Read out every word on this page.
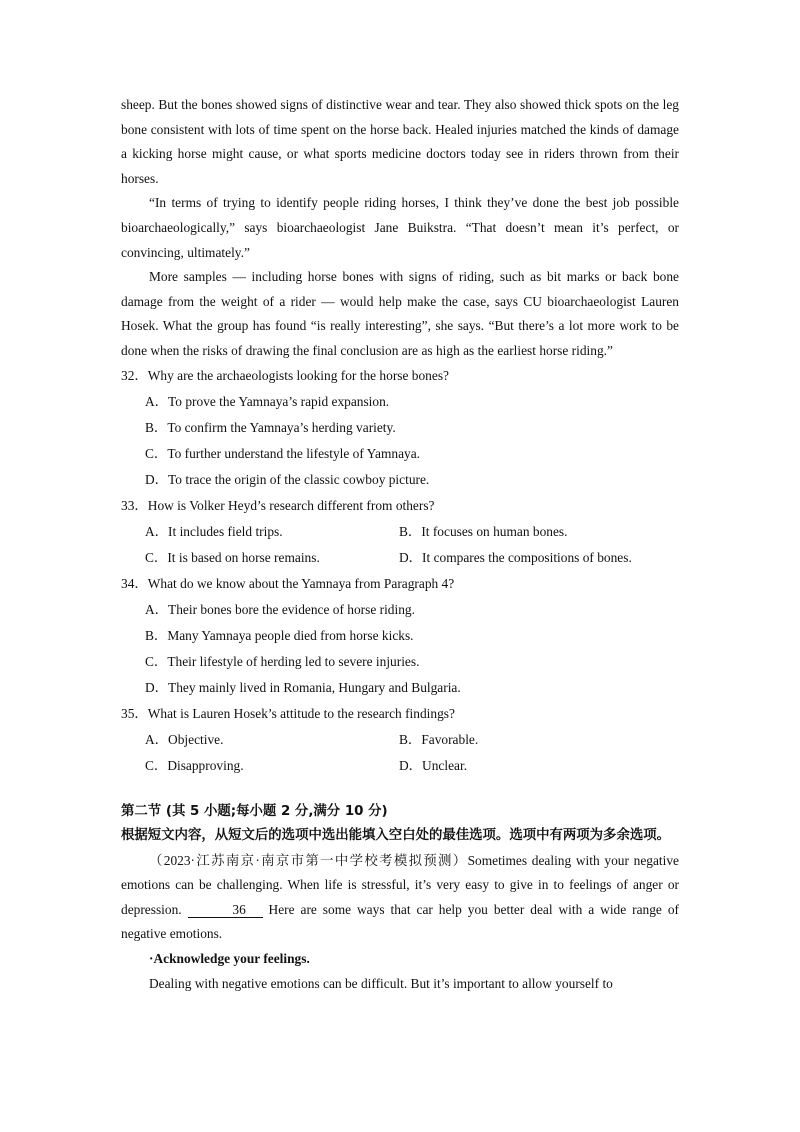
sheep. But the bones showed signs of distinctive wear and tear. They also showed thick spots on the leg bone consistent with lots of time spent on the horse back. Healed injuries matched the kinds of damage a kicking horse might cause, or what sports medicine doctors today see in riders thrown from their horses.

“In terms of trying to identify people riding horses, I think they’ve done the best job possible bioarchaeologically,” says bioarchaeologist Jane Buikstra. “That doesn’t mean it’s perfect, or convincing, ultimately.”

More samples — including horse bones with signs of riding, such as bit marks or back bone damage from the weight of a rider — would help make the case, says CU bioarchaeologist Lauren Hosek. What the group has found “is really interesting”, she says. “But there’s a lot more work to be done when the risks of drawing the final conclusion are as high as the earliest horse riding.”

32．Why are the archaeologists looking for the horse bones?

A．To prove the Yamnaya’s rapid expansion.

B．To confirm the Yamnaya’s herding variety.

C．To further understand the lifestyle of Yamnaya.

D．To trace the origin of the classic cowboy picture.

33．How is Volker Heyd’s research different from others?

A．It includes field trips.	B．It focuses on human bones.
C．It is based on horse remains.	D．It compares the compositions of bones.

34．What do we know about the Yamnaya from Paragraph 4?

A．Their bones bore the evidence of horse riding.

B．Many Yamnaya people died from horse kicks.

C．Their lifestyle of herding led to severe injuries.

D．They mainly lived in Romania, Hungary and Bulgaria.

35．What is Lauren Hosek’s attitude to the research findings?

A．Objective.	B．Favorable.
C．Disapproving.	D．Unclear.

第二节 (其 5 小题;每小题 2 分,满分 10 分)

根据短文内容，从短文后的选项中选出能填入空白处的最佳选项。选项中有两项为多余选项。

（2023·江苏南京·南京市第一中学校考模拟预测）Sometimes dealing with your negative emotions can be challenging. When life is stressful, it’s very easy to give in to feelings of anger or depression.	36 Here are some ways that car help you better deal with a wide range of negative emotions.

·Acknowledge your feelings.

Dealing with negative emotions can be difficult. But it’s important to allow yourself to
